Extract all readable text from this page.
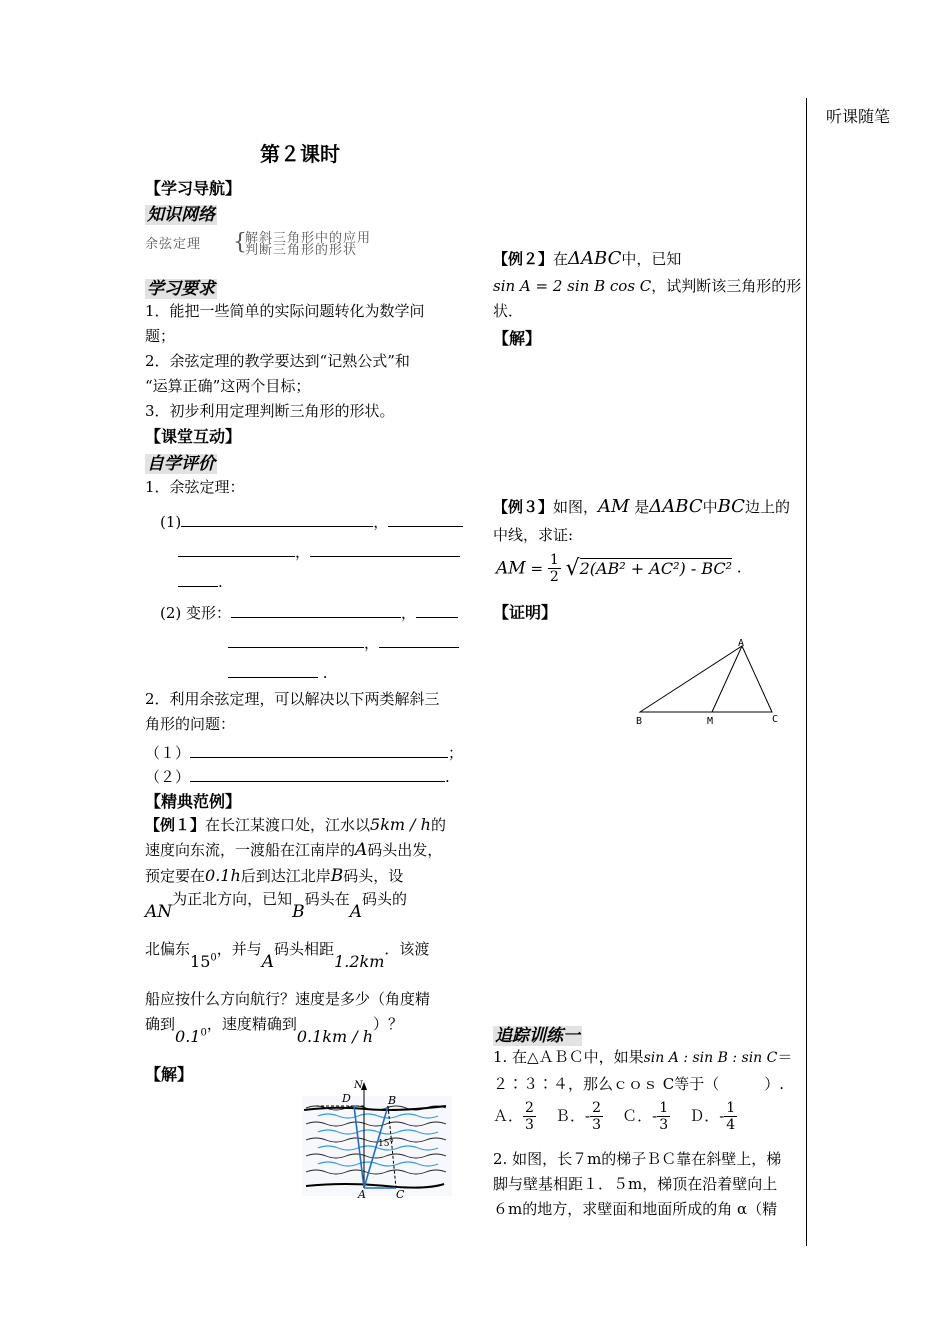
听课随笔
第２课时
【学习导航】
知识网络
余弦定理 {
解斜三角形中的应用
判断三角形的形状
学习要求
1．能把一些简单的实际问题转化为数学问
题；
2．余弦定理的教学要达到“记熟公式”和
“运算正确”这两个目标；
3．初步利用定理判断三角形的形状。
【课堂互动】
自学评价
1．余弦定理：
(1)	，
，
.
(2) 变形：	，
，
.
2．利用余弦定理，可以解决以下两类解斜三
角形的问题：
（１）	；
（２）	.
【精典范例】
【例１】在长江某渡口处，江水以5km / h的
速度向东流，一渡船在江南岸的A码头出发，
预定要在0.1h后到达江北岸B码头，设
AN为正北方向，已知B码头在A码头的
北偏东$15^0$，并与A码头相距1.2km．该渡
船应按什么方向航行？速度是多少（角度精
确到$0.1^0$，速度精确到0.1km / h）？
【解】
N
D	B
A	C
15°
【例２】在ΔABC中，已知
sin A = 2 sin B cos C，试判断该三角形的形
状．
【解】
【例３】如图，AM 是ΔABC中BC边上的
中线，求证:
AM = $\frac{1}{2} √2(AB^2 + AC^2) - BC^2$ .
【证明】
A
B	M	C
追踪训练一
1. 在△ＡＢＣ中，如果sin A : sin B : sin C＝
２∶３∶４，那么ｃｏｓ C等于（　　　）.
Ａ． $\frac{2}{3}$ Ｂ．- $\frac{2}{3}$ Ｃ．- $\frac{1}{3}$ Ｄ．- $\frac{1}{4}$
2. 如图，长７m的梯子ＢＣ靠在斜壁上，梯
脚与壁基相距１．５m，梯顶在沿着壁向上
６m的地方，求壁面和地面所成的角 α（精
